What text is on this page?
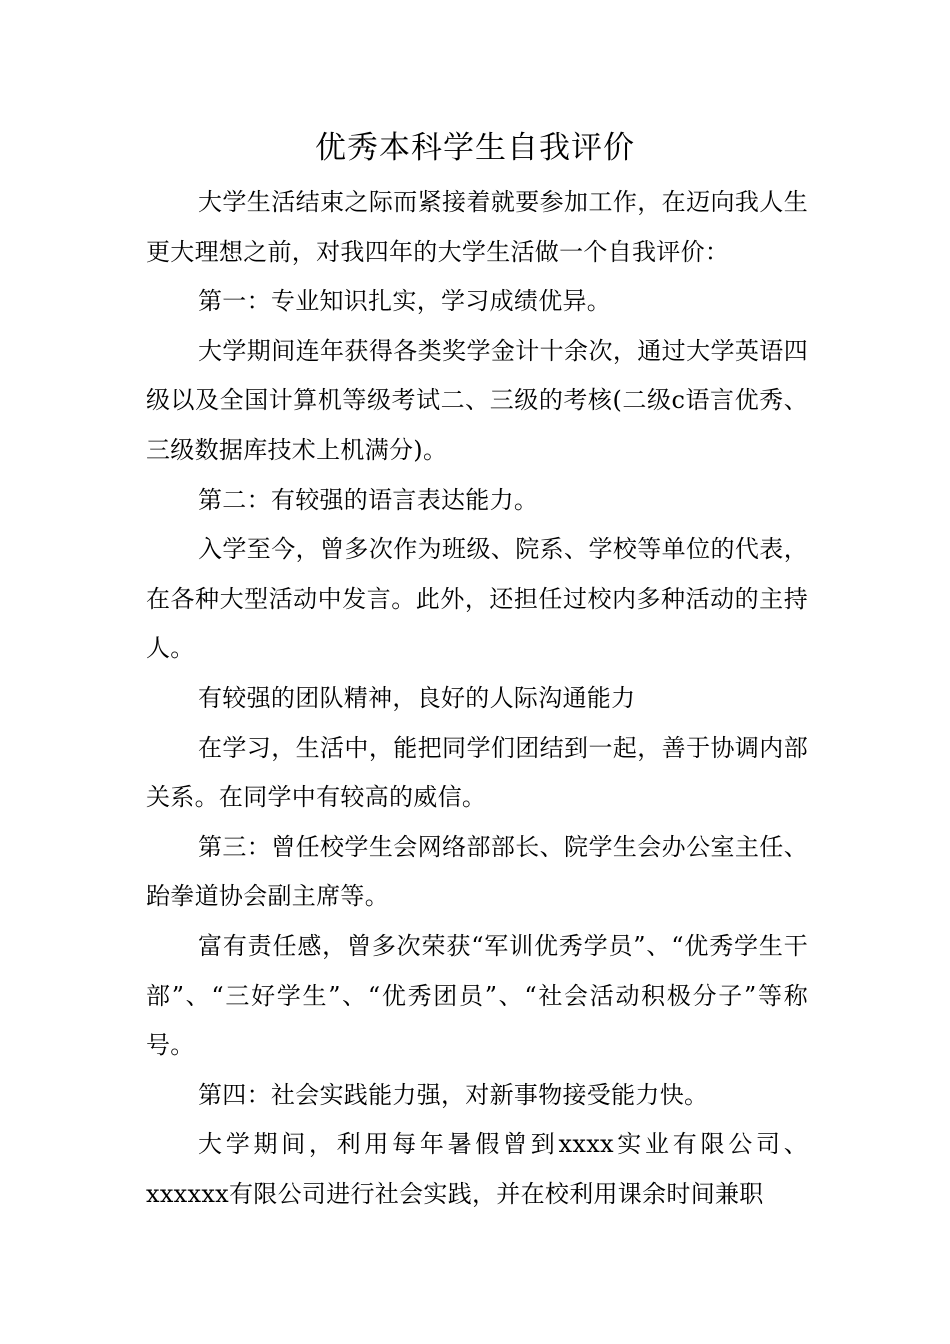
优秀本科学生自我评价

大学生活结束之际而紧接着就要参加工作，在迈向我人生更大理想之前，对我四年的大学生活做一个自我评价：

第一：专业知识扎实，学习成绩优异。

大学期间连年获得各类奖学金计十余次，通过大学英语四级以及全国计算机等级考试二、三级的考核(二级c语言优秀、三级数据库技术上机满分)。

第二：有较强的语言表达能力。

入学至今，曾多次作为班级、院系、学校等单位的代表，在各种大型活动中发言。此外，还担任过校内多种活动的主持人。

有较强的团队精神，良好的人际沟通能力

在学习，生活中，能把同学们团结到一起，善于协调内部关系。在同学中有较高的威信。

第三：曾任校学生会网络部部长、院学生会办公室主任、跆拳道协会副主席等。

富有责任感，曾多次荣获“军训优秀学员”、“优秀学生干部”、“三好学生”、“优秀团员”、“社会活动积极分子”等称号。

第四：社会实践能力强，对新事物接受能力快。

大学期间，利用每年暑假曾到xxxx实业有限公司、xxxxxx有限公司进行社会实践，并在校利用课余时间兼职
